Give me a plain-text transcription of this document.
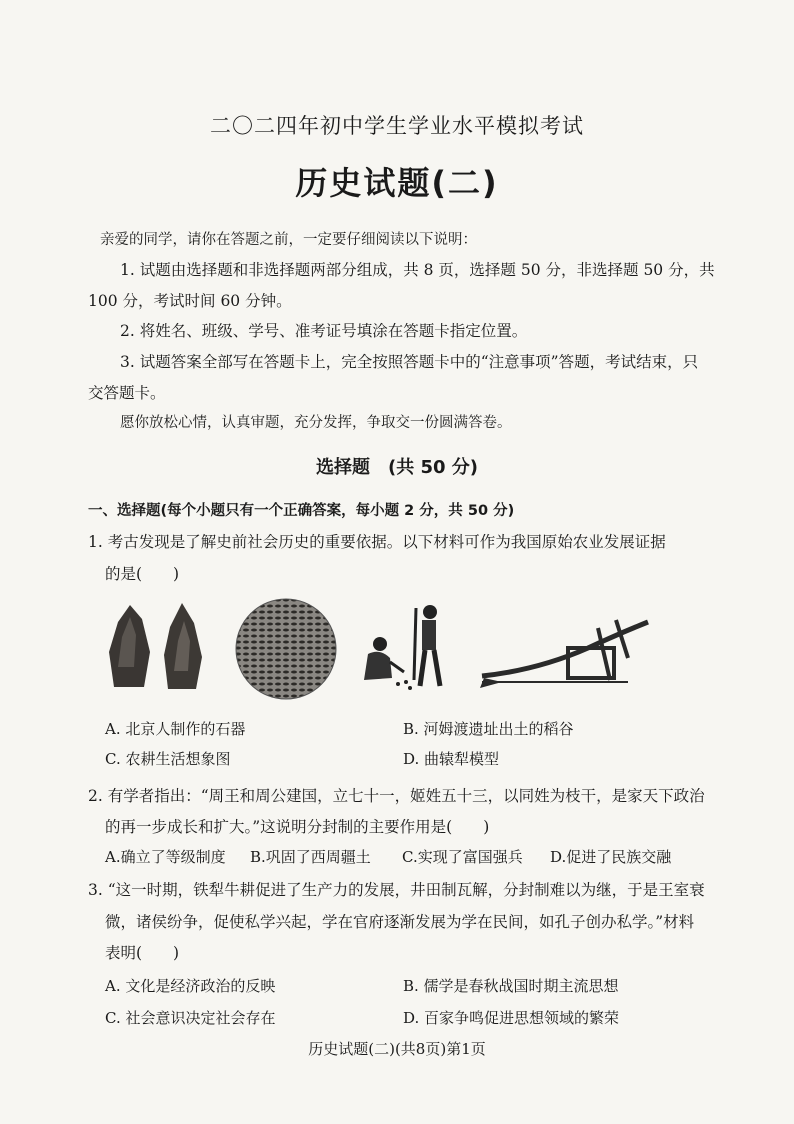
二〇二四年初中学生学业水平模拟考试
历史试题(二)
亲爱的同学，请你在答题之前，一定要仔细阅读以下说明：
1. 试题由选择题和非选择题两部分组成，共 8 页，选择题 50 分，非选择题 50 分，共
100 分，考试时间 60 分钟。
2. 将姓名、班级、学号、准考证号填涂在答题卡指定位置。
3. 试题答案全部写在答题卡上，完全按照答题卡中的“注意事项”答题，考试结束，只
交答题卡。
愿你放松心情，认真审题，充分发挥，争取交一份圆满答卷。
选择题　(共 50 分)
一、选择题(每个小题只有一个正确答案，每小题 2 分，共 50 分)
1. 考古发现是了解史前社会历史的重要依据。以下材料可作为我国原始农业发展证据
的是(　　)
A. 北京人制作的石器	B. 河姆渡遗址出土的稻谷
C. 农耕生活想象图	D. 曲辕犁模型
2. 有学者指出：“周王和周公建国，立七十一，姬姓五十三，以同姓为枝干，是家天下政治
的再一步成长和扩大。”这说明分封制的主要作用是(　　)
A.确立了等级制度 B.巩固了西周疆土 C.实现了富国强兵 D.促进了民族交融
3. “这一时期，铁犁牛耕促进了生产力的发展，井田制瓦解，分封制难以为继，于是王室衰
微，诸侯纷争，促使私学兴起，学在官府逐渐发展为学在民间，如孔子创办私学。”材料
表明(　　)
A. 文化是经济政治的反映	B. 儒学是春秋战国时期主流思想
C. 社会意识决定社会存在	D. 百家争鸣促进思想领域的繁荣
历史试题(二)(共8页)第1页
